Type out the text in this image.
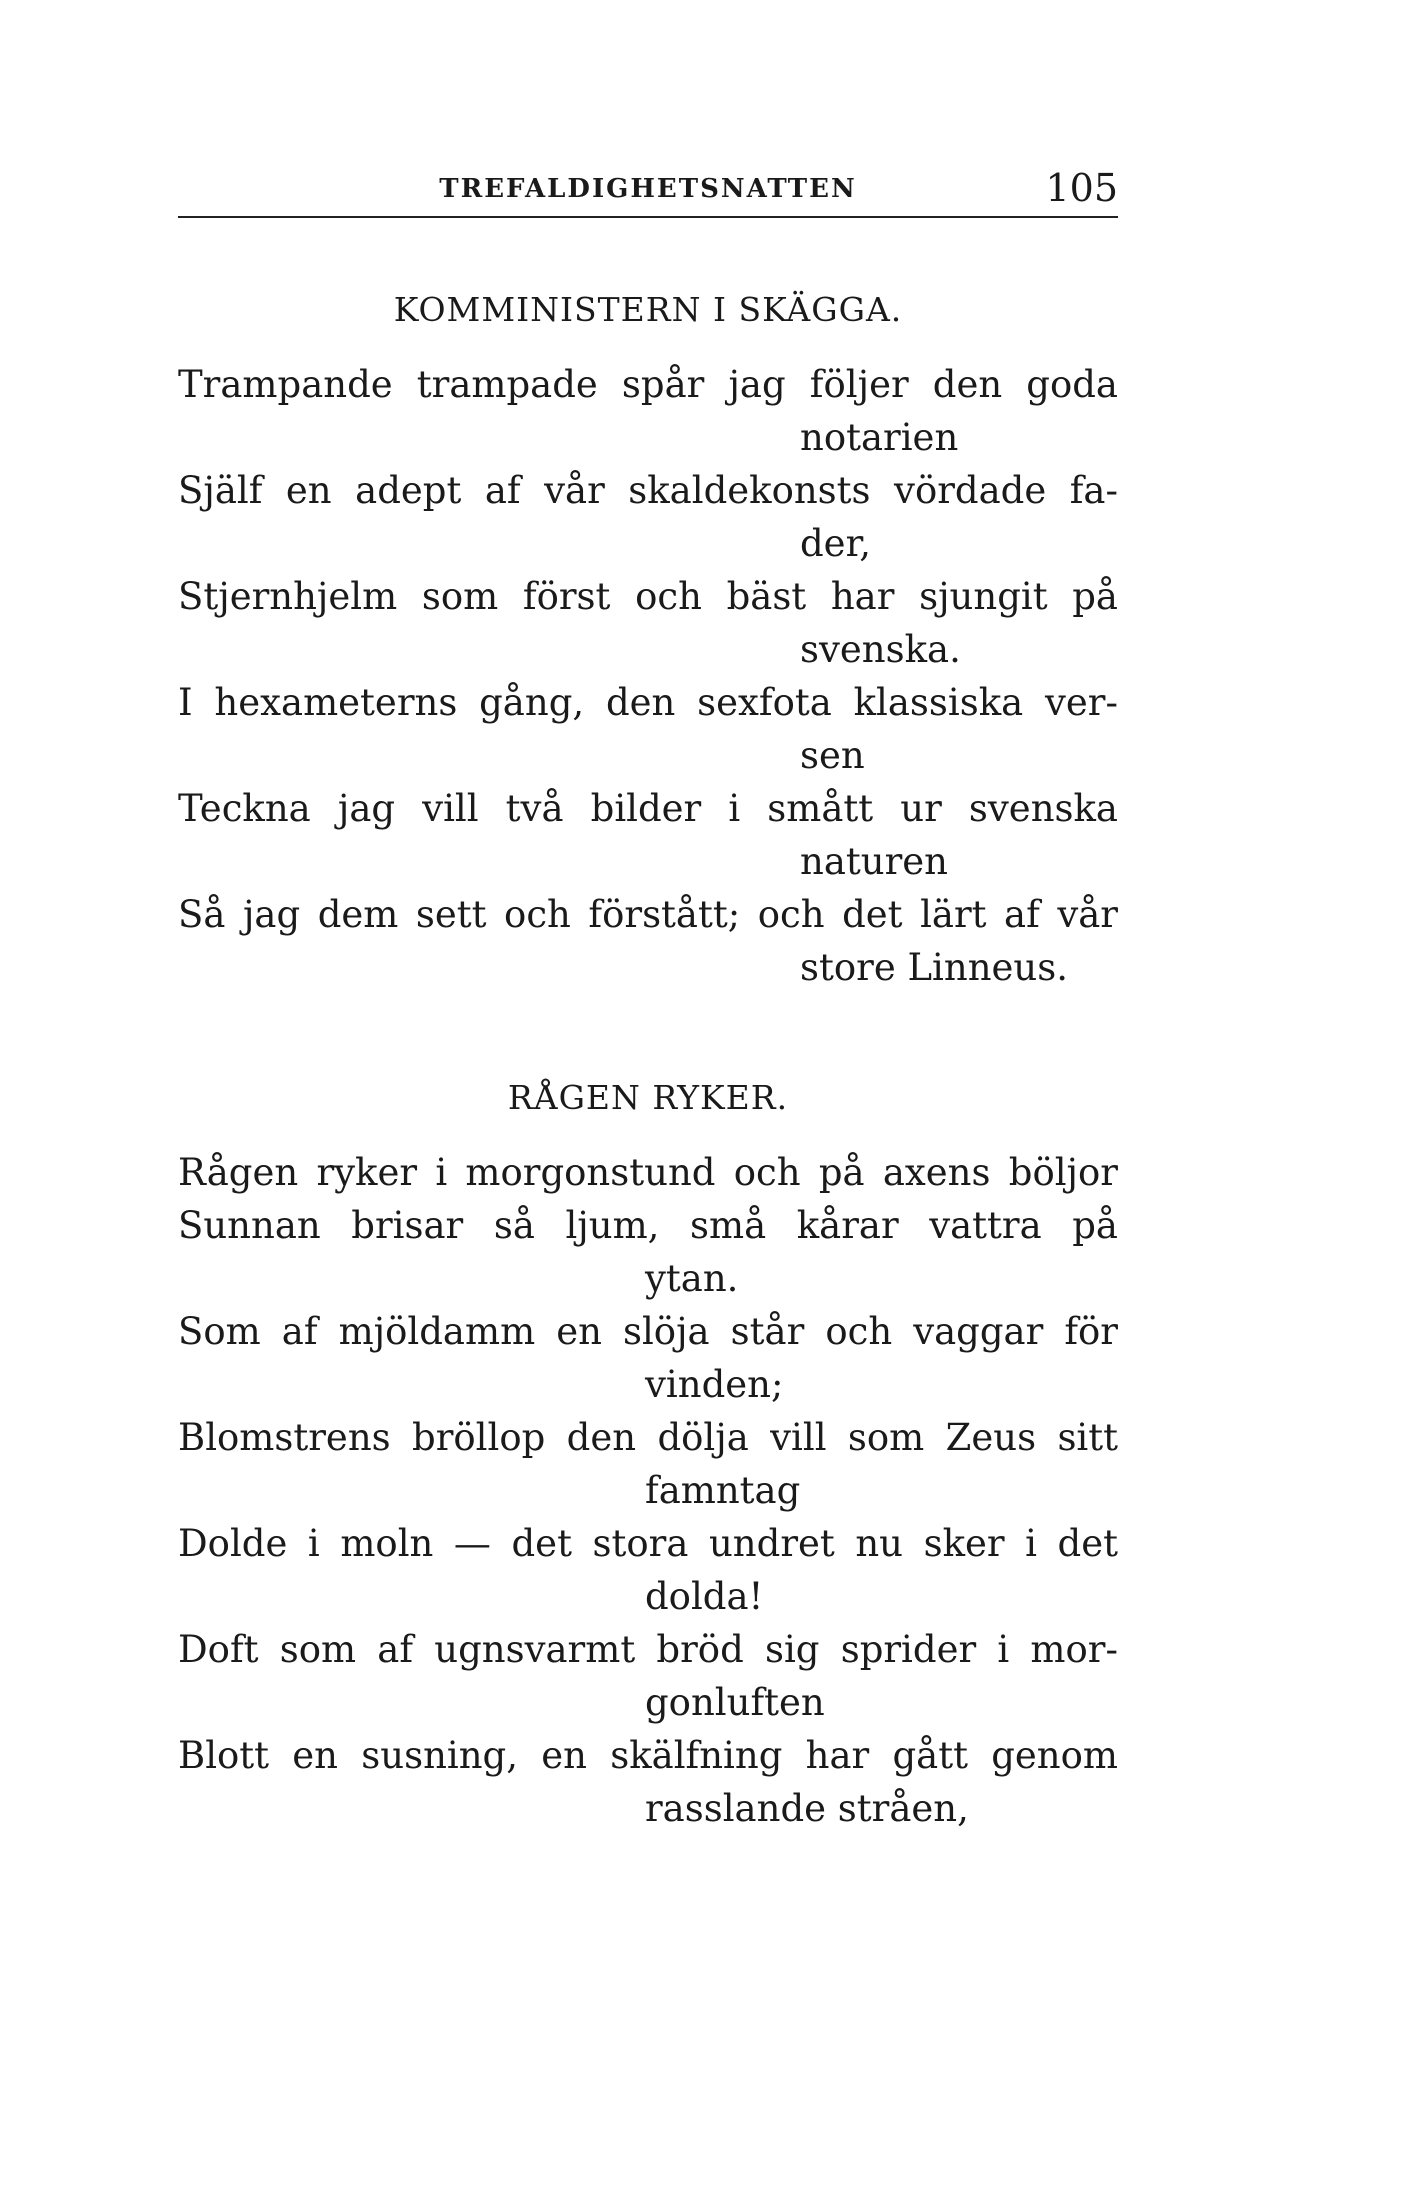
TREFALDIGHETSNATTEN	105
KOMMINISTERN I SKÄGGA.
Trampande trampade spår jag följer den goda
notarien
Själf en adept af vår skaldekonsts vördade fa-
der,
Stjernhjelm som först och bäst har sjungit på
svenska.
I hexameterns gång, den sexfota klassiska ver-
sen
Teckna jag vill två bilder i smått ur svenska
naturen
Så jag dem sett och förstått; och det lärt af vår
store Linneus.
RÅGEN RYKER.
Rågen ryker i morgonstund och på axens böljor
Sunnan brisar så ljum, små kårar vattra på
ytan.
Som af mjöldamm en slöja står och vaggar för
vinden;
Blomstrens bröllop den dölja vill som Zeus sitt
famntag
Dolde i moln — det stora undret nu sker i det
dolda!
Doft som af ugnsvarmt bröd sig sprider i mor-
gonluften
Blott en susning, en skälfning har gått genom
rasslande stråen,
